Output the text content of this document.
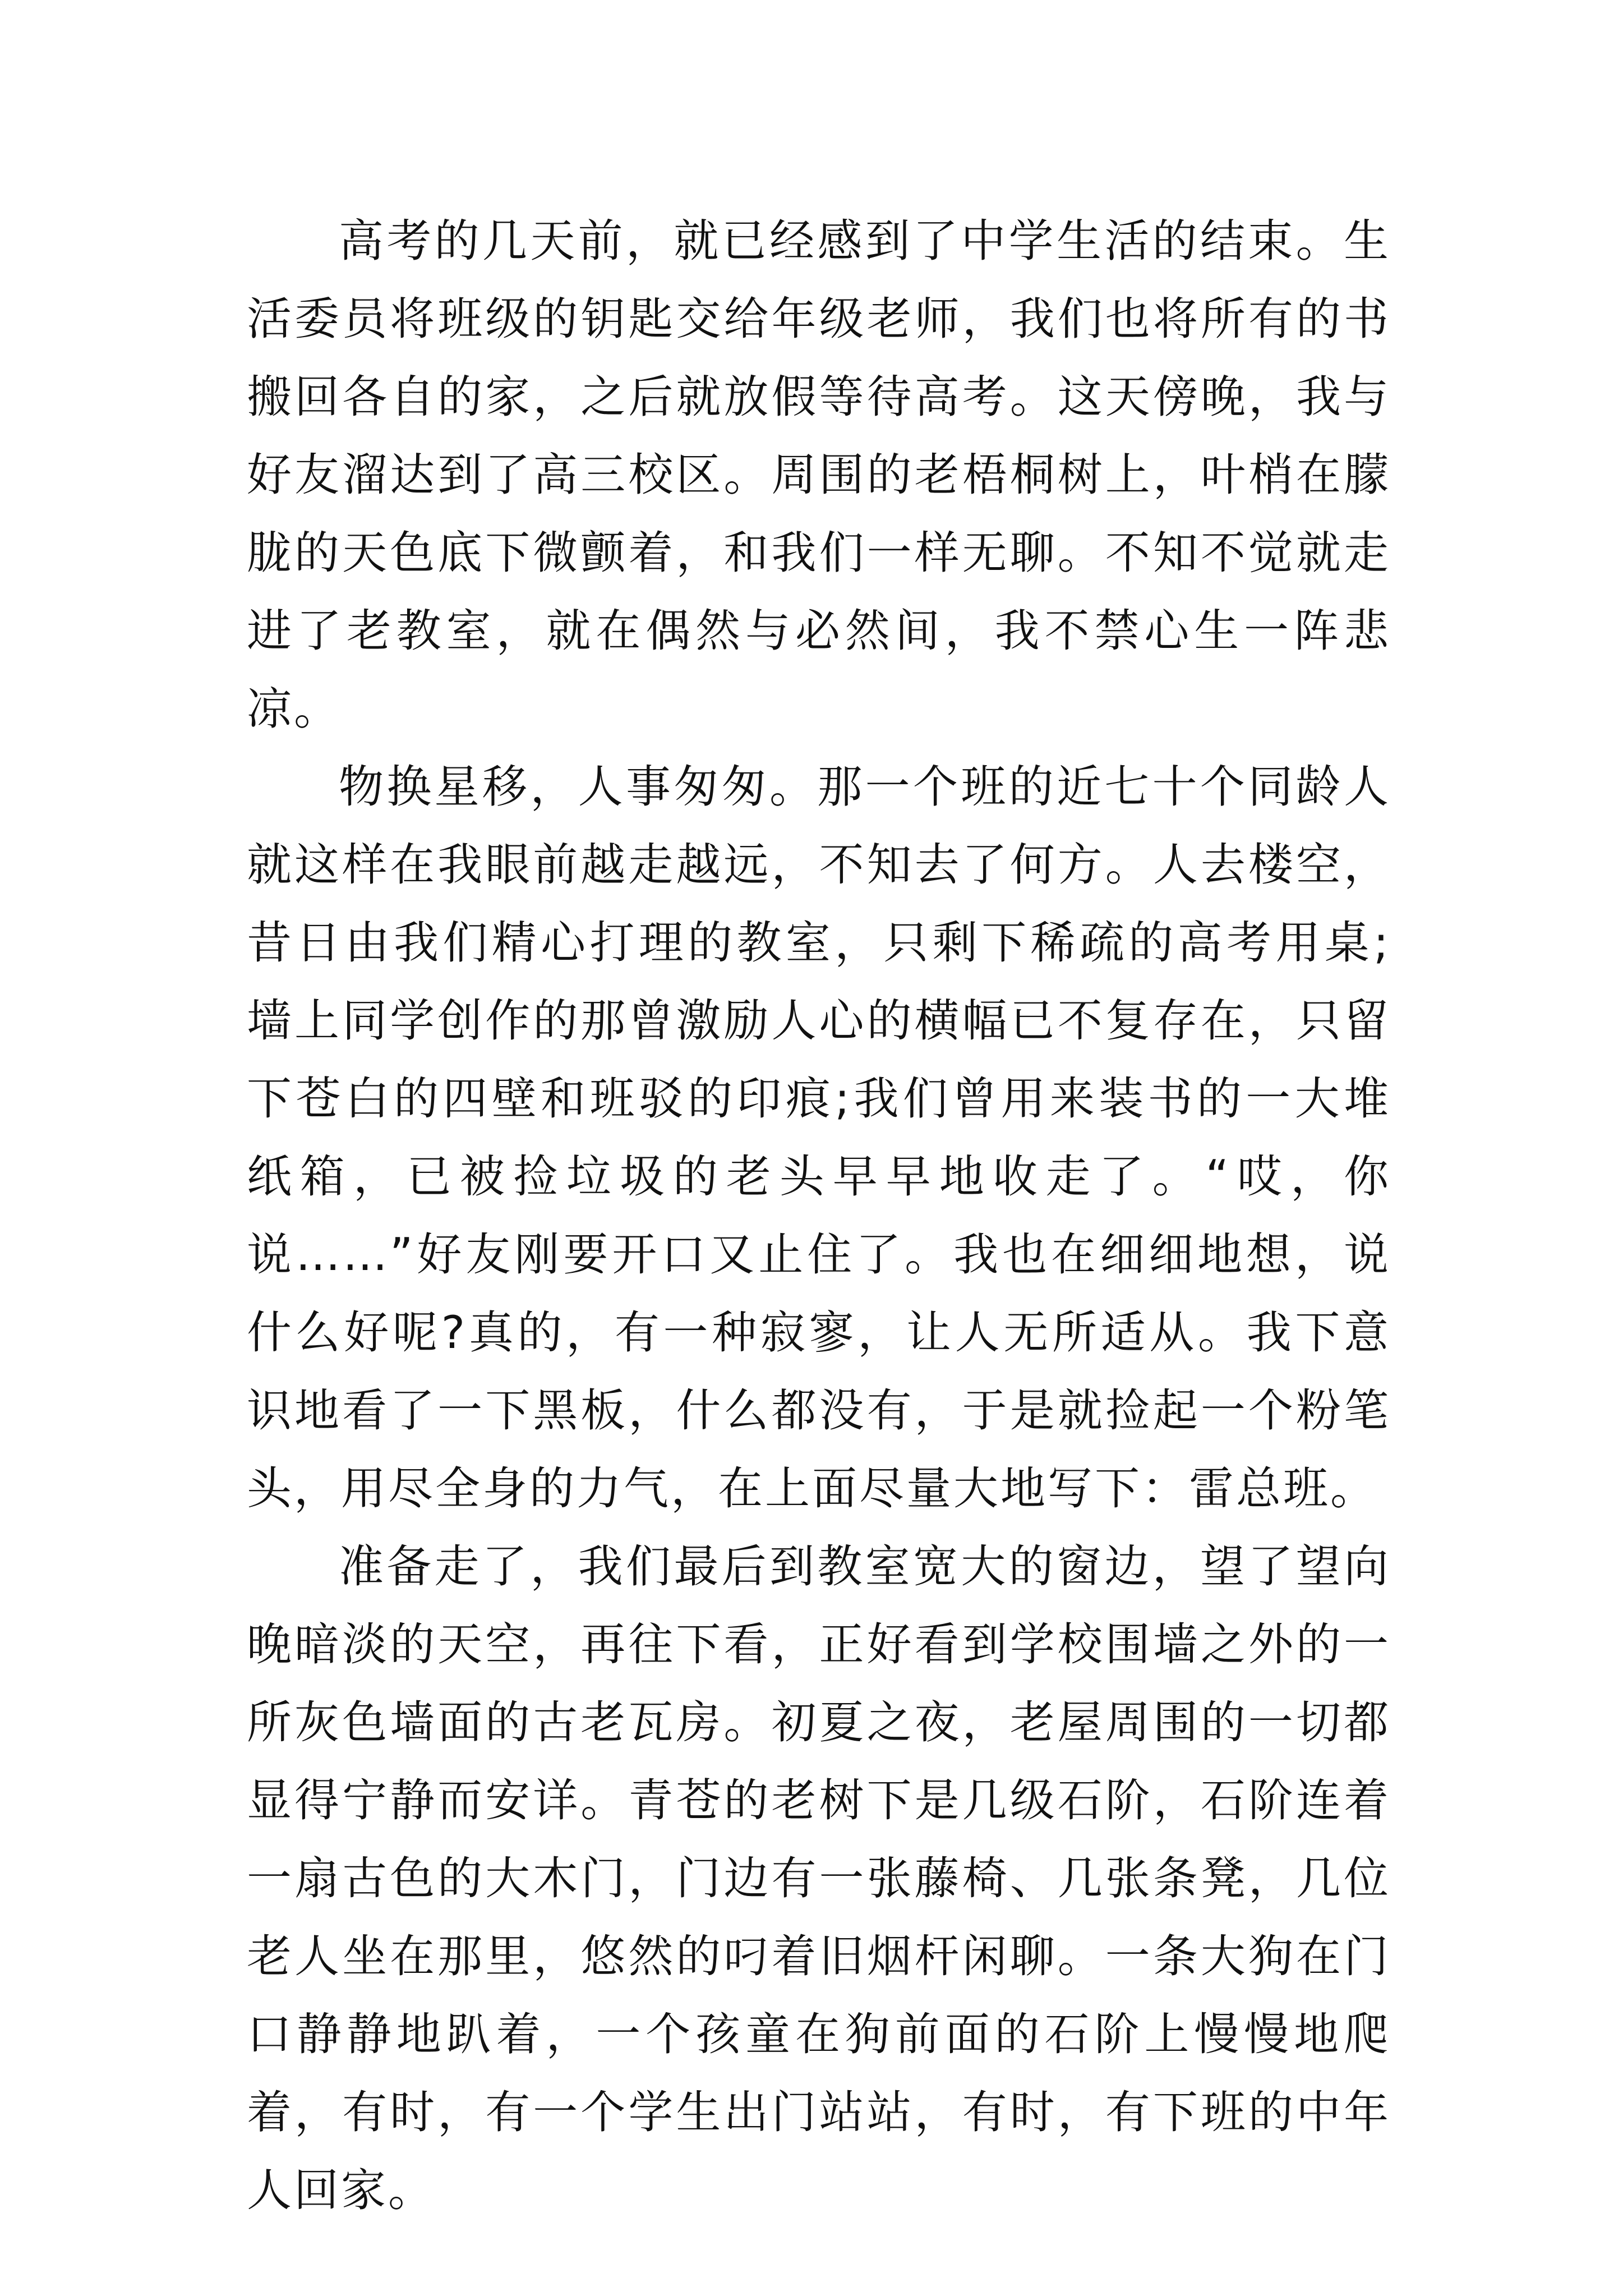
高考的几天前，就已经感到了中学生活的结束。生活委员将班级的钥匙交给年级老师，我们也将所有的书搬回各自的家，之后就放假等待高考。这天傍晚，我与好友溜达到了高三校区。周围的老梧桐树上，叶梢在朦胧的天色底下微颤着，和我们一样无聊。不知不觉就走进了老教室，就在偶然与必然间，我不禁心生一阵悲凉。

物换星移，人事匆匆。那一个班的近七十个同龄人就这样在我眼前越走越远，不知去了何方。人去楼空，昔日由我们精心打理的教室，只剩下稀疏的高考用桌;墙上同学创作的那曾激励人心的横幅已不复存在，只留下苍白的四壁和班驳的印痕;我们曾用来装书的一大堆纸箱，已被捡垃圾的老头早早地收走了。“哎，你说……”好友刚要开口又止住了。我也在细细地想，说什么好呢?真的，有一种寂寥，让人无所适从。我下意识地看了一下黑板，什么都没有，于是就捡起一个粉笔头，用尽全身的力气，在上面尽量大地写下：雷总班。

准备走了，我们最后到教室宽大的窗边，望了望向晚暗淡的天空，再往下看，正好看到学校围墙之外的一所灰色墙面的古老瓦房。初夏之夜，老屋周围的一切都显得宁静而安详。青苍的老树下是几级石阶，石阶连着一扇古色的大木门，门边有一张藤椅、几张条凳，几位老人坐在那里，悠然的叼着旧烟杆闲聊。一条大狗在门口静静地趴着，一个孩童在狗前面的石阶上慢慢地爬着，有时，有一个学生出门站站，有时，有下班的中年人回家。
